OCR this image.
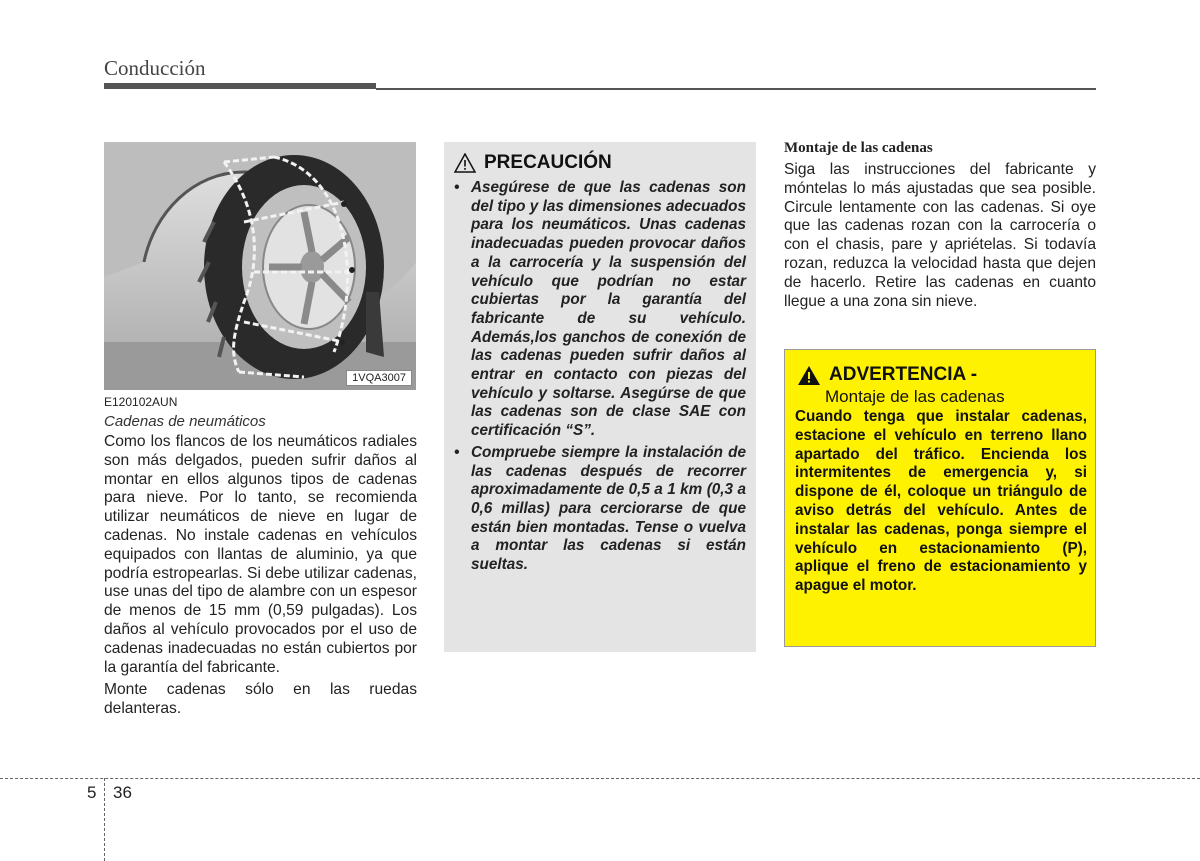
Conducción
1VQA3007
E120102AUN
Cadenas de neumáticos

Como los flancos de los neumáticos radiales son más delgados, pueden sufrir daños al montar en ellos algunos tipos de cadenas para nieve. Por lo tanto, se recomienda utilizar neumáticos de nieve en lugar de cadenas. No instale cadenas en vehículos equipados con llantas de aluminio, ya que podría estropearlas. Si debe utilizar cadenas, use unas del tipo de alambre con un espesor de menos de 15 mm (0,59 pulgadas). Los daños al vehículo provocados por el uso de cadenas inadecuadas no están cubiertos por la garantía del fabricante.

Monte cadenas sólo en las ruedas delanteras.

PRECAUCIÓN
• Asegúrese de que las cadenas son del tipo y las dimensiones adecuados para los neumáticos. Unas cadenas inadecuadas pueden provocar daños a la carrocería y la suspensión del vehículo que podrían no estar cubiertas por la garantía del fabricante de su vehículo. Además,los ganchos de conexión de las cadenas pueden sufrir daños al entrar en contacto con piezas del vehículo y soltarse. Asegúrse de que las cadenas son de clase SAE con certificación “S”.
• Compruebe siempre la instalación de las cadenas después de recorrer aproximadamente de 0,5 a 1 km (0,3 a 0,6 millas) para cerciorarse de que están bien montadas. Tense o vuelva a montar las cadenas si están sueltas.
Montaje de las cadenas

Siga las instrucciones del fabricante y móntelas lo más ajustadas que sea posible. Circule lentamente con las cadenas. Si oye que las cadenas rozan con la carrocería o con el chasis, pare y apriételas. Si todavía rozan, reduzca la velocidad hasta que dejen de hacerlo. Retire las cadenas en cuanto llegue a una zona sin nieve.

ADVERTENCIA -
Montaje de las cadenas

Cuando tenga que instalar cadenas, estacione el vehículo en terreno llano apartado del tráfico. Encienda los intermitentes de emergencia y, si dispone de él, coloque un triángulo de aviso detrás del vehículo. Antes de instalar las cadenas, ponga siempre el vehículo en estacionamiento (P), aplique el freno de estacionamiento y apague el motor.

5 36
